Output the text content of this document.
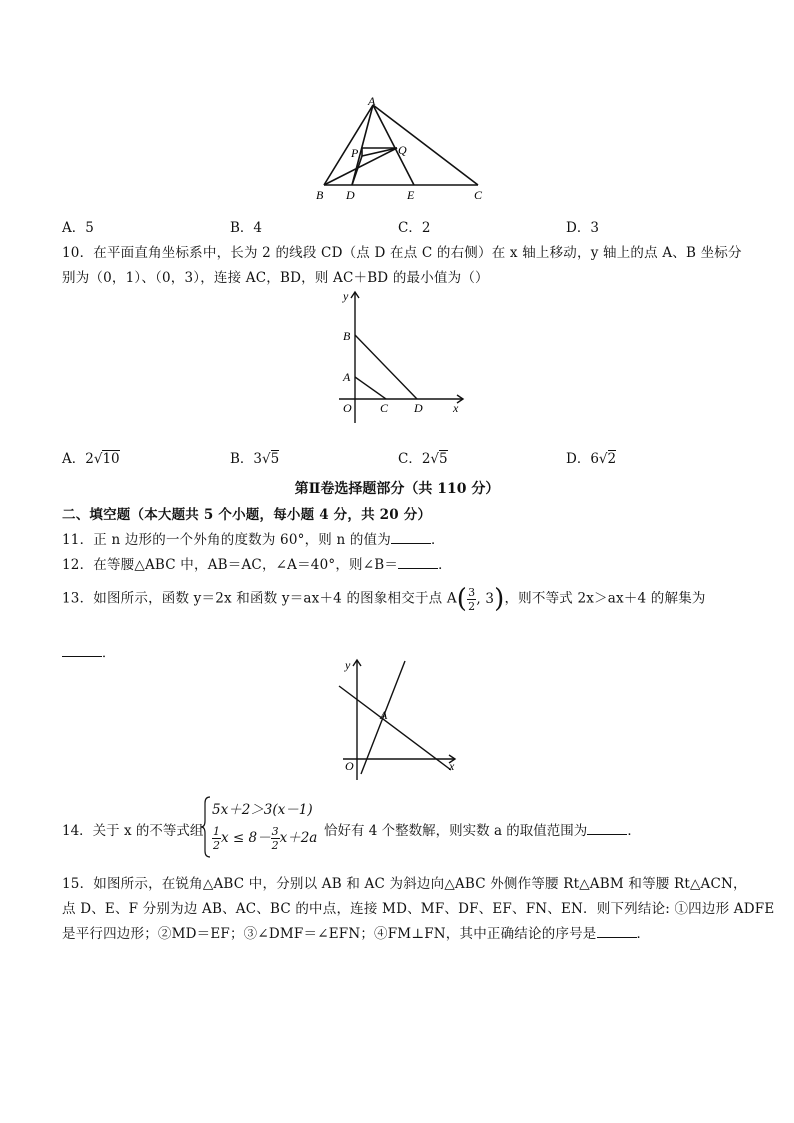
A
P	Q
B D	E	C
A．5	B．4	C．2	D．3
10．在平面直角坐标系中，长为 2 的线段 CD（点 D 在点 C 的右侧）在 x 轴上移动，y 轴上的点 A、B 坐标分
别为（0，1）、（0，3），连接 AC，BD，则 AC＋BD 的最小值为（）
y
B
A
O C D	x
A．2√10	B．3√5	C．2√5	D．6√2
第Ⅱ卷选择题部分（共 110 分）
二、填空题（本大题共 5 个小题，每小题 4 分，共 20 分）
11．正 n 边形的一个外角的度数为 60°，则 n 的值为	．
12．在等腰△ABC 中，AB＝AC，∠A＝40°，则∠B＝	．
13．如图所示，函数 y＝2x 和函数 y＝ax＋4 的图象相交于点 $A( \frac{3}{2}$ , 3)，则不等式 2x＞ax＋4 的解集为
．
y
A
O	x
14．关于 x 的不等式组
5x＋2＞3(x－1)
$\frac{1}{2}$ $x \le 8- \frac{3}{2} x+2a$ 恰好有 4 个整数解，则实数 a 的取值范围为	．
15．如图所示，在锐角△ABC 中，分别以 AB 和 AC 为斜边向△ABC 外侧作等腰 Rt△ABM 和等腰 Rt△ACN，
点 D、E、F 分别为边 AB、AC、BC 的中点，连接 MD、MF、DF、EF、FN、EN．则下列结论: ①四边形 ADFE
是平行四边形；②MD＝EF；③∠DMF＝∠EFN；④FM⊥FN，其中正确结论的序号是	．
